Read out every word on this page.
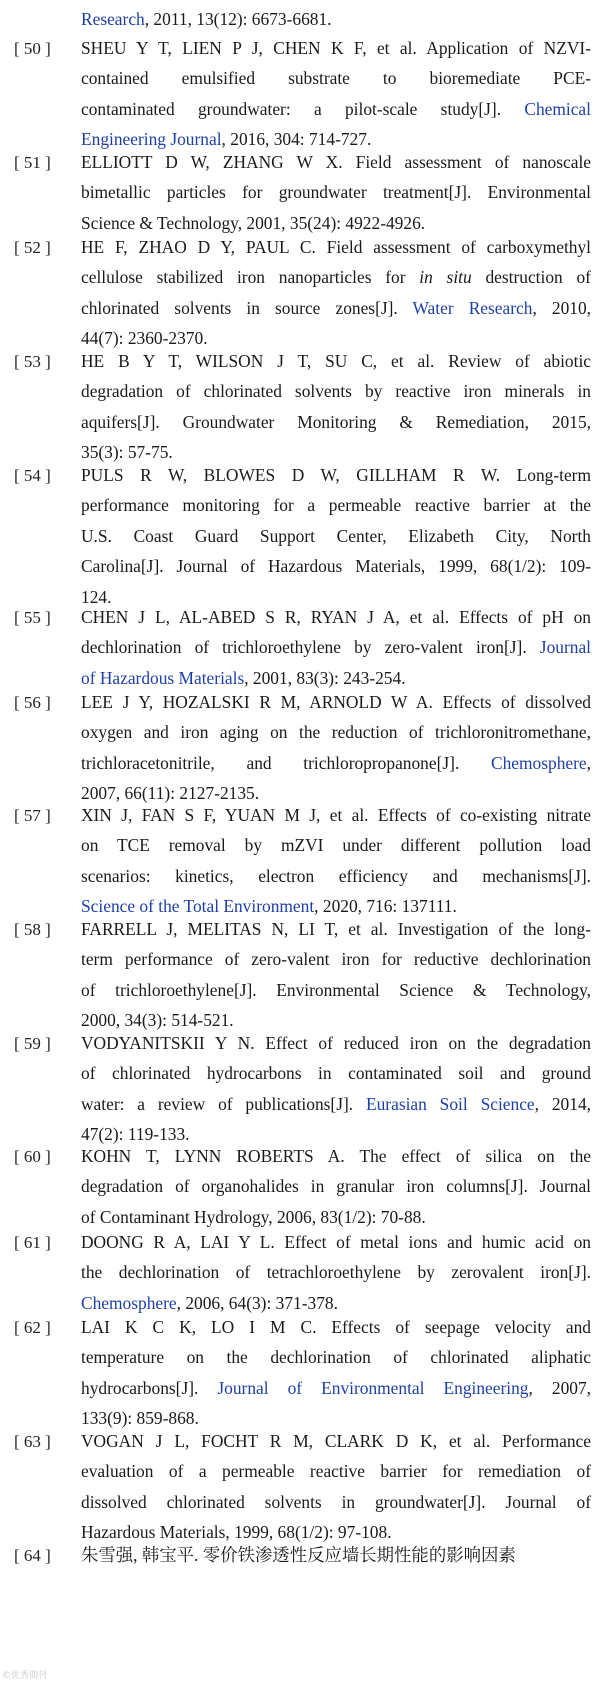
Research, 2011, 13(12): 6673-6681.
[ 50 ]	SHEU Y T, LIEN P J, CHEN K F, et al. Application of NZVI-
contained emulsified substrate to bioremediate PCE-
contaminated groundwater: a pilot-scale study[J]. Chemical
Engineering Journal, 2016, 304: 714-727.
[ 51 ]	ELLIOTT D W, ZHANG W X. Field assessment of nanoscale
bimetallic particles for groundwater treatment[J]. Environmental
Science & Technology, 2001, 35(24): 4922-4926.
[ 52 ]	HE F, ZHAO D Y, PAUL C. Field assessment of carboxymethyl
cellulose stabilized iron nanoparticles for in situ destruction of
chlorinated solvents in source zones[J]. Water Research, 2010,
44(7): 2360-2370.
[ 53 ]	HE B Y T, WILSON J T, SU C, et al. Review of abiotic
degradation of chlorinated solvents by reactive iron minerals in
aquifers[J]. Groundwater Monitoring & Remediation, 2015,
35(3): 57-75.
[ 54 ]	PULS R W, BLOWES D W, GILLHAM R W. Long-term
performance monitoring for a permeable reactive barrier at the
U.S. Coast Guard Support Center, Elizabeth City, North
Carolina[J]. Journal of Hazardous Materials, 1999, 68(1/2): 109-
124.
[ 55 ]	CHEN J L, AL-ABED S R, RYAN J A, et al. Effects of pH on
dechlorination of trichloroethylene by zero-valent iron[J]. Journal
of Hazardous Materials, 2001, 83(3): 243-254.
[ 56 ]	LEE J Y, HOZALSKI R M, ARNOLD W A. Effects of dissolved
oxygen and iron aging on the reduction of trichloronitromethane,
trichloracetonitrile, and trichloropropanone[J]. Chemosphere,
2007, 66(11): 2127-2135.
[ 57 ]	XIN J, FAN S F, YUAN M J, et al. Effects of co-existing nitrate
on TCE removal by mZVI under different pollution load
scenarios: kinetics, electron efficiency and mechanisms[J].
Science of the Total Environment, 2020, 716: 137111.
[ 58 ]	FARRELL J, MELITAS N, LI T, et al. Investigation of the long-
term performance of zero-valent iron for reductive dechlorination
of trichloroethylene[J]. Environmental Science & Technology,
2000, 34(3): 514-521.
[ 59 ]	VODYANITSKII Y N. Effect of reduced iron on the degradation
of chlorinated hydrocarbons in contaminated soil and ground
water: a review of publications[J]. Eurasian Soil Science, 2014,
47(2): 119-133.
[ 60 ]	KOHN T, LYNN ROBERTS A. The effect of silica on the
degradation of organohalides in granular iron columns[J]. Journal
of Contaminant Hydrology, 2006, 83(1/2): 70-88.
[ 61 ]	DOONG R A, LAI Y L. Effect of metal ions and humic acid on
the dechlorination of tetrachloroethylene by zerovalent iron[J].
Chemosphere, 2006, 64(3): 371-378.
[ 62 ]	LAI K C K, LO I M C. Effects of seepage velocity and
temperature on the dechlorination of chlorinated aliphatic
hydrocarbons[J]. Journal of Environmental Engineering, 2007,
133(9): 859-868.
[ 63 ]	VOGAN J L, FOCHT R M, CLARK D K, et al. Performance
evaluation of a permeable reactive barrier for remediation of
dissolved chlorinated solvents in groundwater[J]. Journal of
Hazardous Materials, 1999, 68(1/2): 97-108.
[ 64 ]	朱雪强, 韩宝平. 零价铁渗透性反应墙长期性能的影响因素
©优秀期刊
